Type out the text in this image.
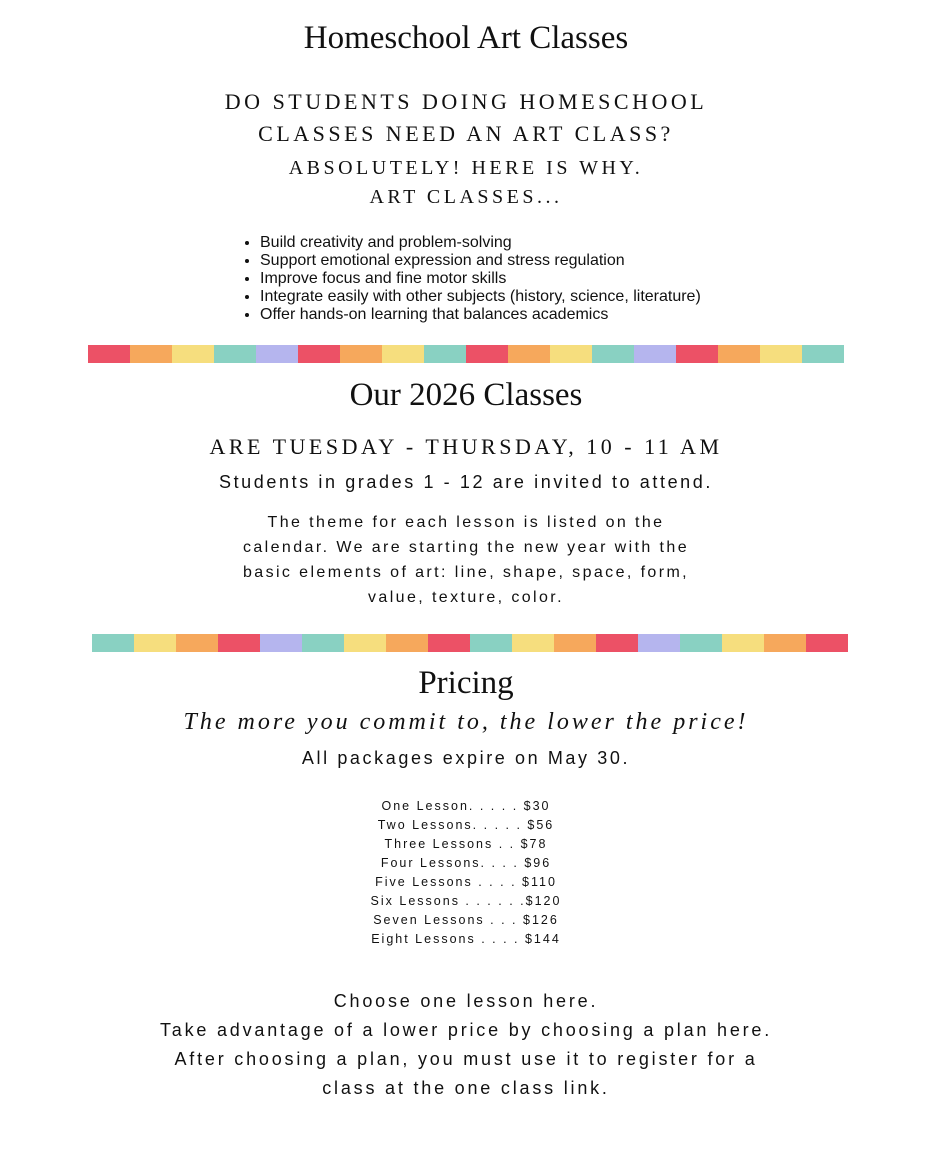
Homeschool Art Classes
DO STUDENTS DOING HOMESCHOOL
CLASSES NEED AN ART CLASS?
ABSOLUTELY! HERE IS WHY.
ART CLASSES...
• Build creativity and problem-solving
• Support emotional expression and stress regulation
• Improve focus and fine motor skills
• Integrate easily with other subjects (history, science, literature)
• Offer hands-on learning that balances academics
Our 2026 Classes
ARE TUESDAY - THURSDAY, 10 - 11 AM
Students in grades 1 - 12 are invited to attend.
The theme for each lesson is listed on the
calendar. We are starting the new year with the
basic elements of art: line, shape, space, form,
value, texture, color.
Pricing
The more you commit to, the lower the price!
All packages expire on May 30.
One Lesson. . . . . $30
Two Lessons. . . . . $56
Three Lessons . . $78
Four Lessons. . . . $96
Five Lessons . . . . $110
Six Lessons . . . . . .$120
Seven Lessons . . . $126
Eight Lessons . . . . $144
Choose one lesson here.
Take advantage of a lower price by choosing a plan here.
After choosing a plan, you must use it to register for a
class at the one class link.
